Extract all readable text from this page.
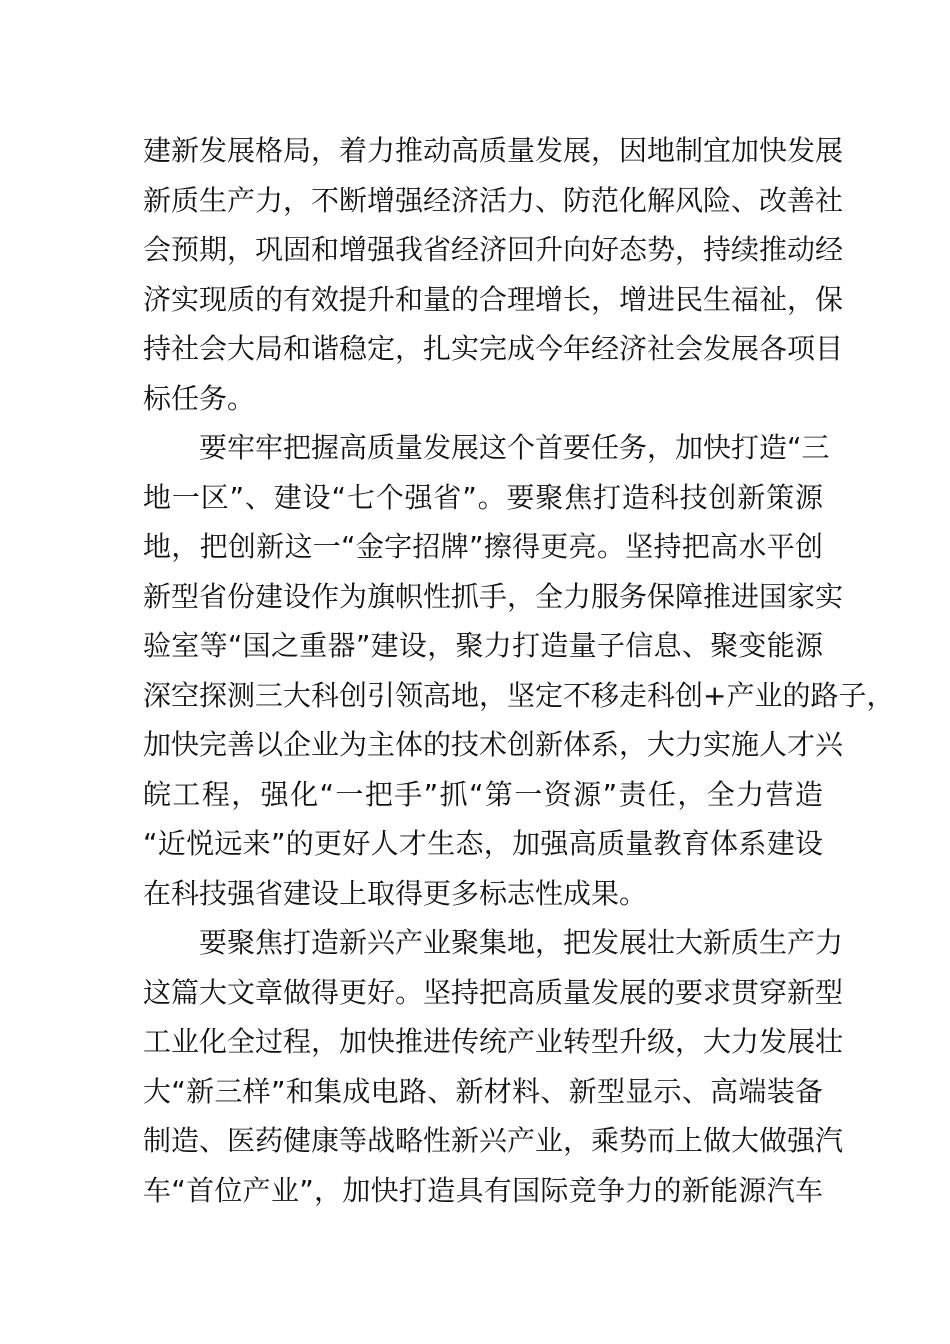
建新发展格局，着力推动高质量发展，因地制宜加快发展
新质生产力，不断增强经济活力、防范化解风险、改善社
会预期，巩固和增强我省经济回升向好态势，持续推动经
济实现质的有效提升和量的合理增长，增进民生福祉，保
持社会大局和谐稳定，扎实完成今年经济社会发展各项目
标任务。
　　要牢牢把握高质量发展这个首要任务，加快打造“三
地一区”、建设“七个强省”。要聚焦打造科技创新策源
地，把创新这一“金字招牌”擦得更亮。坚持把高水平创
新型省份建设作为旗帜性抓手，全力服务保障推进国家实
验室等“国之重器”建设，聚力打造量子信息、聚变能源
深空探测三大科创引领高地，坚定不移走科创+产业的路子，
加快完善以企业为主体的技术创新体系，大力实施人才兴
皖工程，强化“一把手”抓“第一资源”责任，全力营造
“近悦远来”的更好人才生态，加强高质量教育体系建设
在科技强省建设上取得更多标志性成果。
　　要聚焦打造新兴产业聚集地，把发展壮大新质生产力
这篇大文章做得更好。坚持把高质量发展的要求贯穿新型
工业化全过程，加快推进传统产业转型升级，大力发展壮
大“新三样”和集成电路、新材料、新型显示、高端装备
制造、医药健康等战略性新兴产业，乘势而上做大做强汽
车“首位产业”，加快打造具有国际竞争力的新能源汽车
